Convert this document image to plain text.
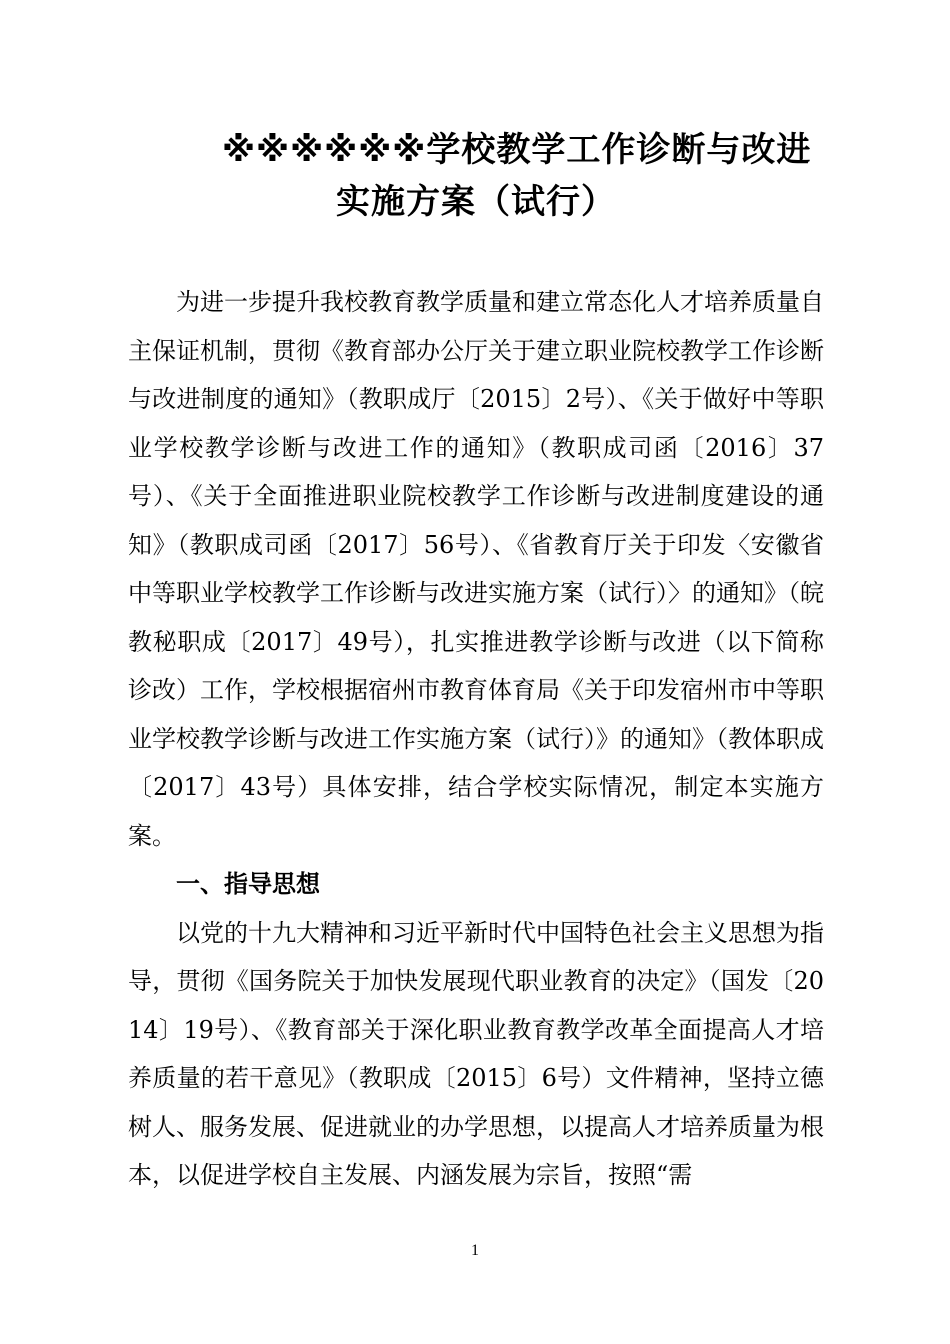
※※※※※※学校教学工作诊断与改进
实施方案（试行）

为进一步提升我校教育教学质量和建立常态化人才培养质量自主保证机制，贯彻《教育部办公厅关于建立职业院校教学工作诊断与改进制度的通知》（教职成厅〔2015〕2号）、《关于做好中等职业学校教学诊断与改进工作的通知》（教职成司函〔2016〕37号）、《关于全面推进职业院校教学工作诊断与改进制度建设的通知》（教职成司函〔2017〕56号）、《省教育厅关于印发〈安徽省中等职业学校教学工作诊断与改进实施方案（试行）〉的通知》（皖教秘职成〔2017〕49号），扎实推进教学诊断与改进（以下简称诊改）工作，学校根据宿州市教育体育局《关于印发宿州市中等职业学校教学诊断与改进工作实施方案（试行）》的通知》（教体职成〔2017〕43号）具体安排，结合学校实际情况，制定本实施方案。

一、指导思想

以党的十九大精神和习近平新时代中国特色社会主义思想为指导，贯彻《国务院关于加快发展现代职业教育的决定》（国发〔2014〕19号）、《教育部关于深化职业教育教学改革全面提高人才培养质量的若干意见》（教职成〔2015〕6号）文件精神，坚持立德树人、服务发展、促进就业的办学思想，以提高人才培养质量为根本，以促进学校自主发展、内涵发展为宗旨，按照“需

1
